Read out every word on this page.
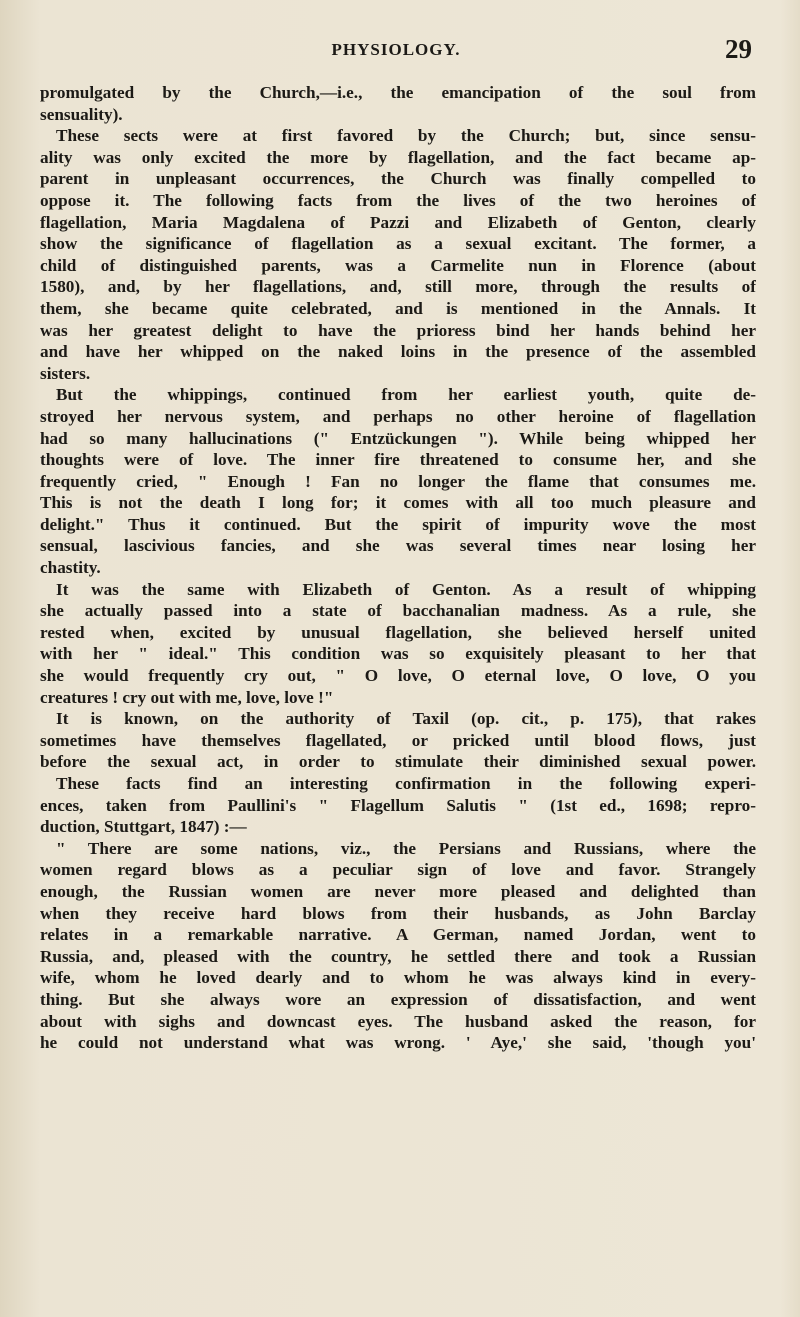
PHYSIOLOGY.	29
promulgated by the Church,—i.e., the emancipation of the soul from
sensuality).
These sects were at first favored by the Church; but, since sensu-
ality was only excited the more by flagellation, and the fact became ap-
parent in unpleasant occurrences, the Church was finally compelled to
oppose it. The following facts from the lives of the two heroines of
flagellation, Maria Magdalena of Pazzi and Elizabeth of Genton, clearly
show the significance of flagellation as a sexual excitant. The former, a
child of distinguished parents, was a Carmelite nun in Florence (about
1580), and, by her flagellations, and, still more, through the results of
them, she became quite celebrated, and is mentioned in the Annals. It
was her greatest delight to have the prioress bind her hands behind her
and have her whipped on the naked loins in the presence of the assembled
sisters.
But the whippings, continued from her earliest youth, quite de-
stroyed her nervous system, and perhaps no other heroine of flagellation
had so many hallucinations (" Entzückungen "). While being whipped her
thoughts were of love. The inner fire threatened to consume her, and she
frequently cried, " Enough ! Fan no longer the flame that consumes me.
This is not the death I long for; it comes with all too much pleasure and
delight." Thus it continued. But the spirit of impurity wove the most
sensual, lascivious fancies, and she was several times near losing her
chastity.
It was the same with Elizabeth of Genton. As a result of whipping
she actually passed into a state of bacchanalian madness. As a rule, she
rested when, excited by unusual flagellation, she believed herself united
with her " ideal." This condition was so exquisitely pleasant to her that
she would frequently cry out, " O love, O eternal love, O love, O you
creatures ! cry out with me, love, love !"
It is known, on the authority of Taxil (op. cit., p. 175), that rakes
sometimes have themselves flagellated, or pricked until blood flows, just
before the sexual act, in order to stimulate their diminished sexual power.
These facts find an interesting confirmation in the following experi-
ences, taken from Paullini's " Flagellum Salutis " (1st ed., 1698; repro-
duction, Stuttgart, 1847) :—
" There are some nations, viz., the Persians and Russians, where the
women regard blows as a peculiar sign of love and favor. Strangely
enough, the Russian women are never more pleased and delighted than
when they receive hard blows from their husbands, as John Barclay
relates in a remarkable narrative. A German, named Jordan, went to
Russia, and, pleased with the country, he settled there and took a Russian
wife, whom he loved dearly and to whom he was always kind in every-
thing. But she always wore an expression of dissatisfaction, and went
about with sighs and downcast eyes. The husband asked the reason, for
he could not understand what was wrong. ' Aye,' she said, 'though you'
